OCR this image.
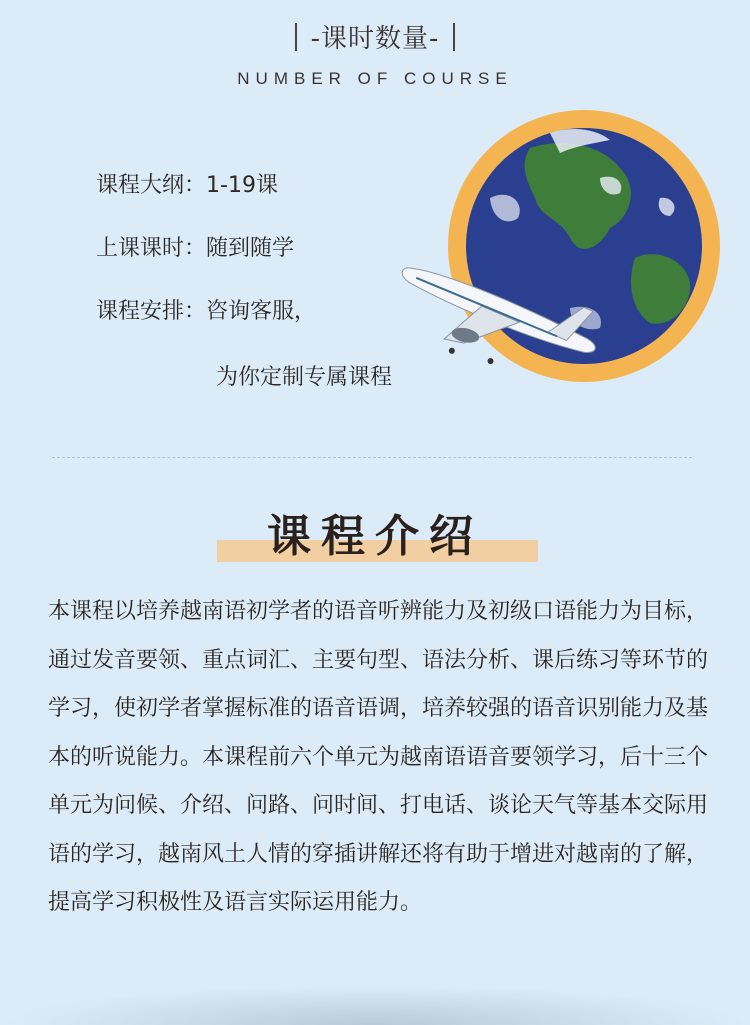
-课时数量-
NUMBER OF COURSE
课程大纲：1-19课
上课课时：随到随学
课程安排：咨询客服，
为你定制专属课程
课程介绍
本课程以培养越南语初学者的语音听辨能力及初级口语能力为目标，通过发音要领、重点词汇、主要句型、语法分析、课后练习等环节的学习，使初学者掌握标准的语音语调，培养较强的语音识别能力及基本的听说能力。本课程前六个单元为越南语语音要领学习，后十三个单元为问候、介绍、问路、问时间、打电话、谈论天气等基本交际用语的学习，越南风土人情的穿插讲解还将有助于增进对越南的了解，提高学习积极性及语言实际运用能力。
